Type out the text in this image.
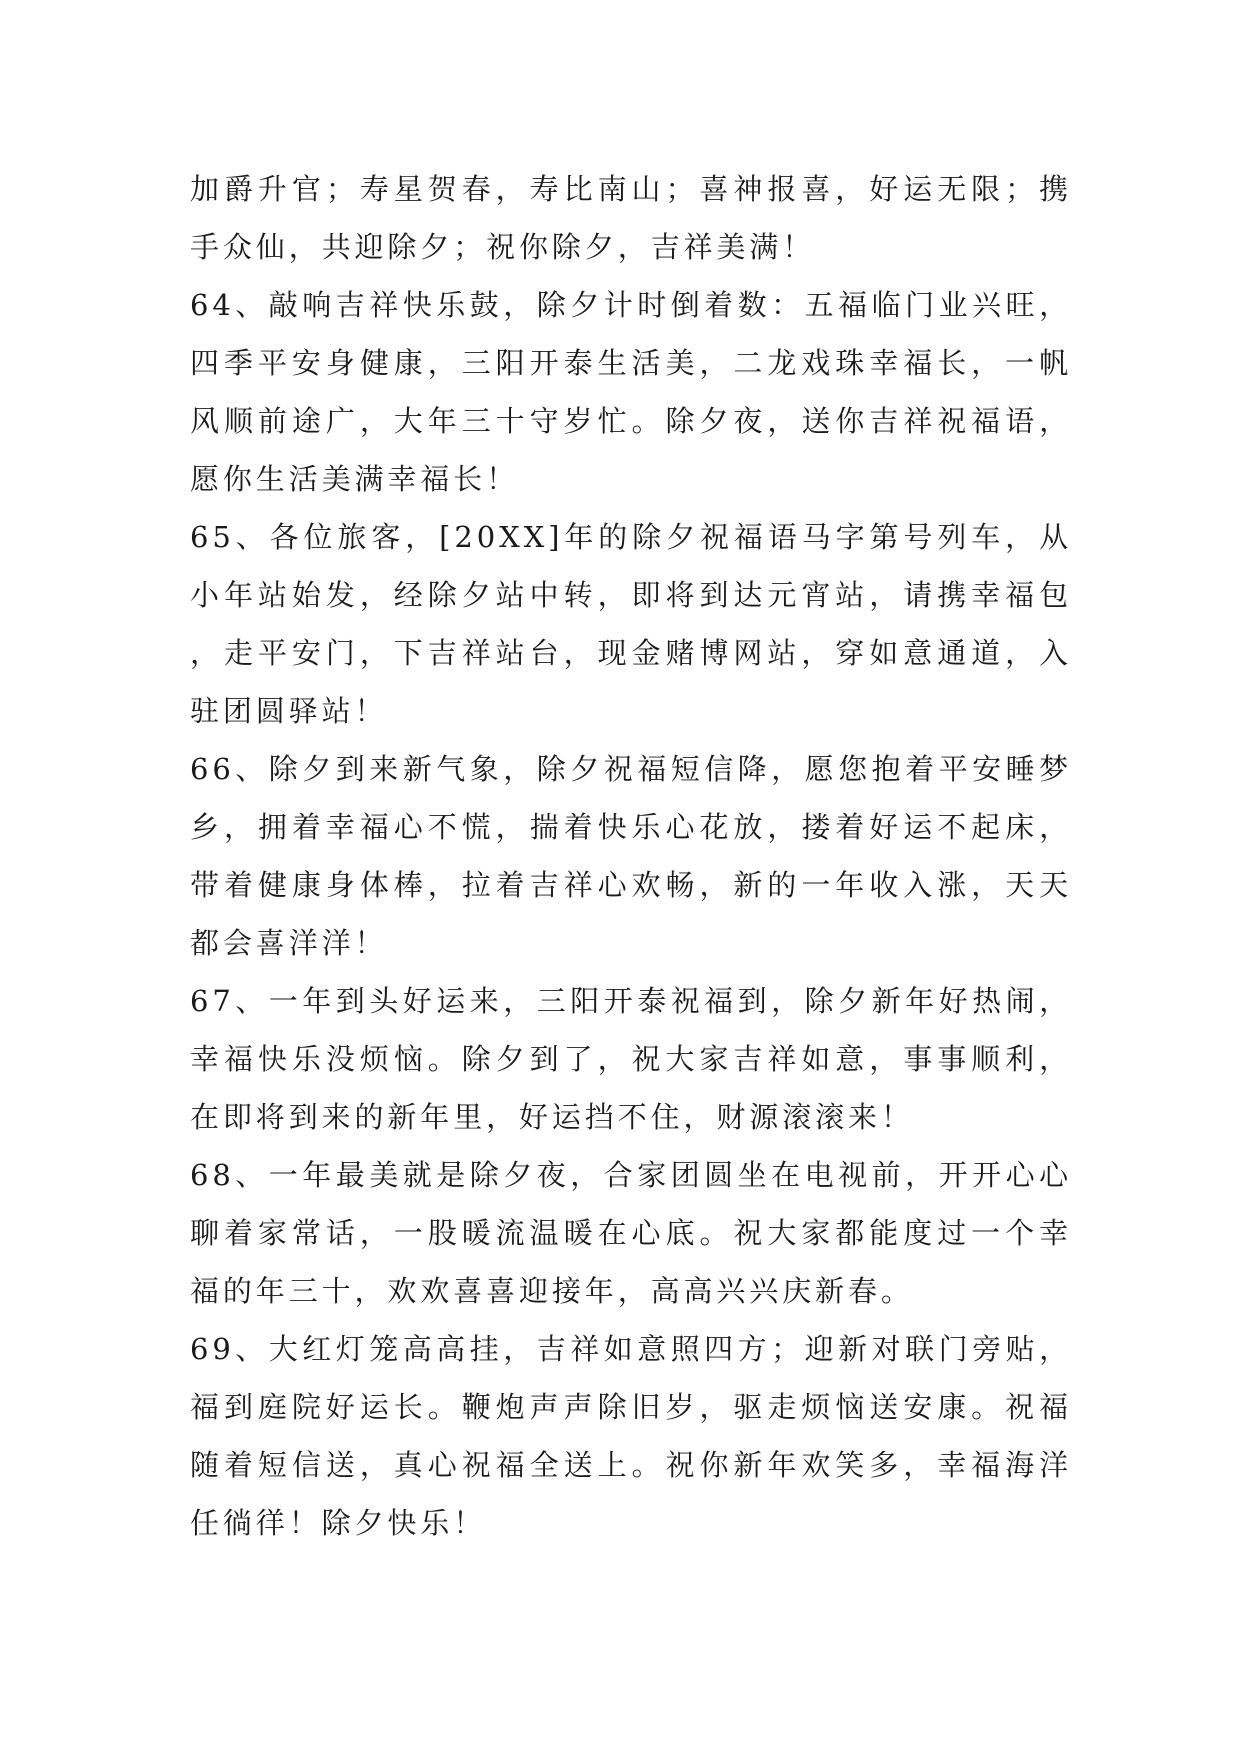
加爵升官；寿星贺春，寿比南山；喜神报喜，好运无限；携手众仙，共迎除夕；祝你除夕，吉祥美满！

64、敲响吉祥快乐鼓，除夕计时倒着数：五福临门业兴旺，四季平安身健康，三阳开泰生活美，二龙戏珠幸福长，一帆风顺前途广，大年三十守岁忙。除夕夜，送你吉祥祝福语，愿你生活美满幸福长！

65、各位旅客，[20XX]年的除夕祝福语马字第号列车，从小年站始发，经除夕站中转，即将到达元宵站，请携幸福包，走平安门，下吉祥站台，现金赌博网站，穿如意通道，入驻团圆驿站！

66、除夕到来新气象，除夕祝福短信降，愿您抱着平安睡梦乡，拥着幸福心不慌，揣着快乐心花放，搂着好运不起床，带着健康身体棒，拉着吉祥心欢畅，新的一年收入涨，天天都会喜洋洋！

67、一年到头好运来，三阳开泰祝福到，除夕新年好热闹，幸福快乐没烦恼。除夕到了，祝大家吉祥如意，事事顺利，在即将到来的新年里，好运挡不住，财源滚滚来！

68、一年最美就是除夕夜，合家团圆坐在电视前，开开心心聊着家常话，一股暖流温暖在心底。祝大家都能度过一个幸福的年三十，欢欢喜喜迎接年，高高兴兴庆新春。

69、大红灯笼高高挂，吉祥如意照四方；迎新对联门旁贴，福到庭院好运长。鞭炮声声除旧岁，驱走烦恼送安康。祝福随着短信送，真心祝福全送上。祝你新年欢笑多，幸福海洋任徜徉！除夕快乐！
